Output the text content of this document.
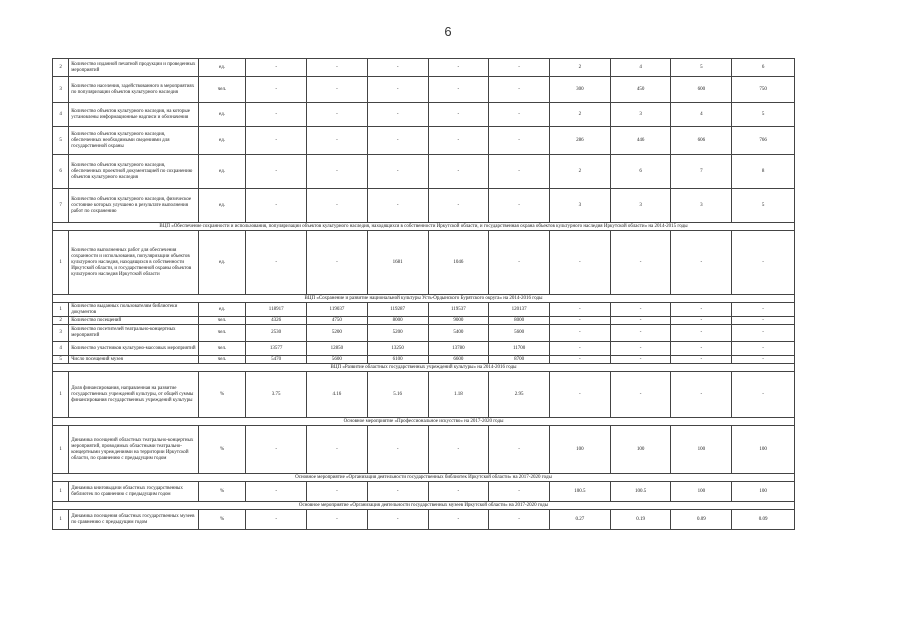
6
2	Количество изданной печатной продукции и проведенных мероприятий	ед.	-	-	-	-	-	2	4	5	6
3	Количество населения, задействованного в мероприятиях по популяризации объектов культурного наследия	чел.	-	-	-	-	-	300	450	600	750
4	Количество объектов культурного наследия, на которые установлены информационные надписи и обозначения	ед.	-	-	-	-	-	2	3	4	5
5	Количество объектов культурного наследия, обеспеченных необходимыми сведениями для государственной охраны	ед.	-	-	-	-	-	286	446	606	766
6	Количество объектов культурного наследия, обеспеченных проектной документацией по сохранению объектов культурного наследия	ед.	-	-	-	-	-	2	6	7	8
7	Количество объектов культурного наследия, физическое состояние которых улучшено в результате выполнения работ по сохранению	ед.	-	-	-	-	-	3	3	3	5
ВЦП «Обеспечение сохранности и использования, популяризации объектов культурного наследия, находящихся в собственности Иркутской области, и государственная охрана объектов культурного наследия Иркутской области» на 2014-2015 годы											
1	Количество выполненных работ для обеспечения сохранности и использования, популяризации объектов культурного наследия, находящихся в собственности Иркутской области, и государственной охраны объектов культурного наследия Иркутской области	ед.	-	-	1681	1046	-	-	-	-	-
ВЦП «Сохранение и развитие национальной культуры Усть-Ордынского Бурятского округа» на 2014-2016 годы											
1	Количество выданных пользователям библиотеки документов	ед.	118917	119037	119287	119537	120137	-	-	-	-
2	Количество посещений	чел.	4326	4750	8000	9000	8000	-	-	-	-
3	Количество посетителей театрально-концертных мероприятий	чел.	2530	5200	5200	5400	5600	-	-	-	-
4	Количество участников культурно-массовых мероприятий	чел.	13577	12850	13250	13780	11700	-	-	-	-
5	Число посещений музея	чел.	5470	5600	6100	6600	8700	-	-	-	-
ВЦП «Развитие областных государственных учреждений культуры» на 2014-2016 годы											
1	Доля финансирования, направленная на развитие государственных учреждений культуры, от общей суммы финансирования государственных учреждений культуры	%	3.75	4.16	5.16	1.18	2.95	-	-	-	-
Основное мероприятие «Профессиональное искусство» на 2017-2020 годы											
1	Динамика посещений областных театрально-концертных мероприятий, проводимых областными театрально-концертными учреждениями на территории Иркутской области, по сравнению с предыдущим годом	%	-	-	-	-	-	100	100	100	100
Основное мероприятие «Организация деятельности государственных библиотек Иркутской области» на 2017-2020 годы											
1	Динамика книговыдачи областных государственных библиотек по сравнению с предыдущим годом	%	-	-	-	-	-	100.5	100.5	100	100
Основное мероприятие «Организация деятельности государственных музеев Иркутской области» на 2017-2020 годы											
1	Динамика посещения областных государственных музеев по сравнению с предыдущим годом	%	-	-	-	-	-	0.27	0.19	0.09	0.09
